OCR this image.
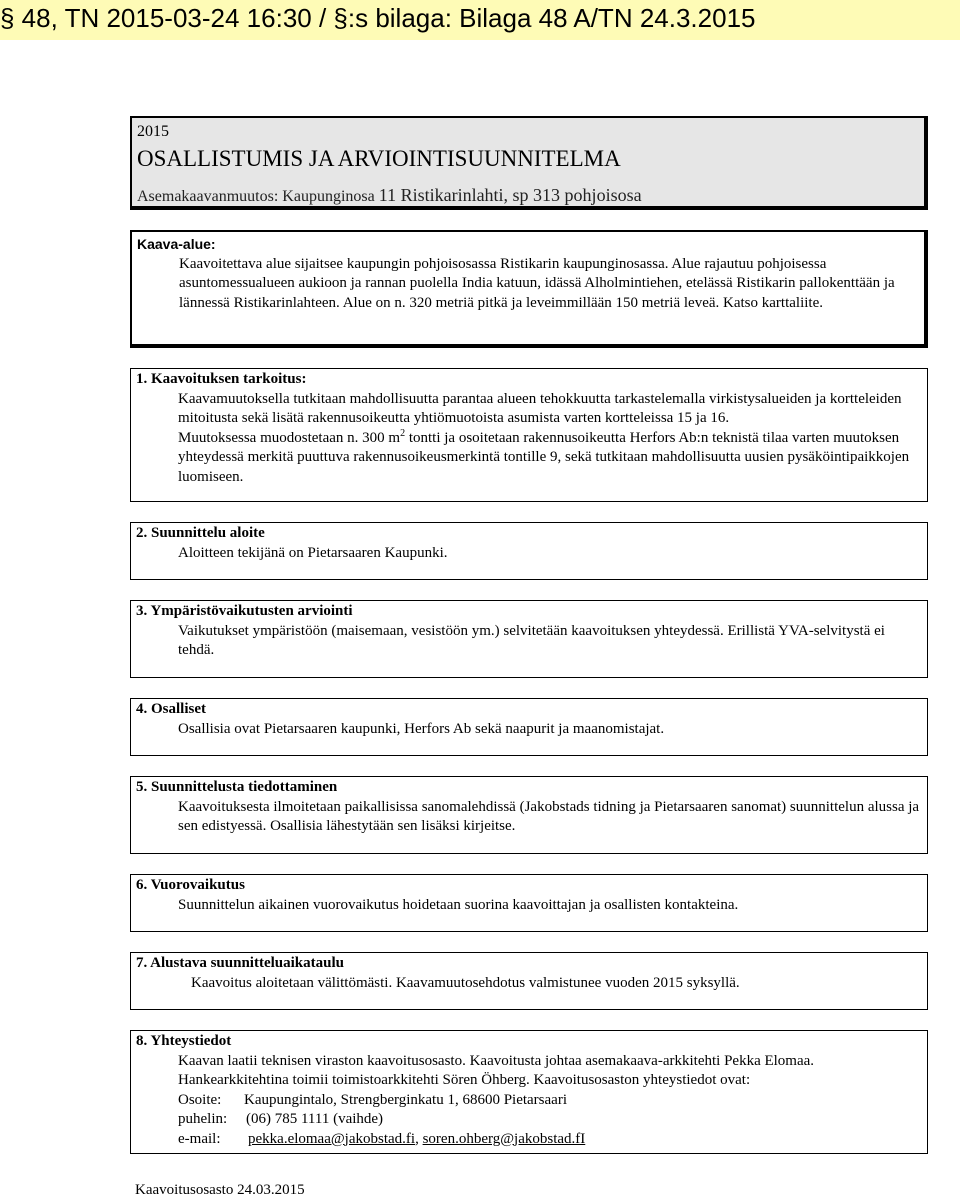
§ 48, TN 2015-03-24 16:30 / §:s bilaga: Bilaga 48 A/TN 24.3.2015
2015
OSALLISTUMIS JA ARVIOINTISUUNNITELMA
Asemakaavanmuutos: Kaupunginosa 11 Ristikarinlahti, sp 313 pohjoisosa
Kaava-alue:
Kaavoitettava alue sijaitsee kaupungin pohjoisosassa Ristikarin kaupunginosassa. Alue rajautuu pohjoisessa asuntomessualueen aukioon ja rannan puolella India katuun, idässä Alholmintiehen, etelässä Ristikarin pallokenttään ja lännessä Ristikarinlahteen. Alue on n. 320 metriä pitkä ja leveimmillään 150 metriä leveä. Katso karttaliite.
1. Kaavoituksen tarkoitus:
Kaavamuutoksella tutkitaan mahdollisuutta parantaa alueen tehokkuutta tarkastelemalla virkistysalueiden ja kortteleiden mitoitusta sekä lisätä rakennusoikeutta yhtiömuotoista asumista varten kortteleissa 15 ja 16.
Muutoksessa muodostetaan n. 300 $m^2$ tontti ja osoitetaan rakennusoikeutta Herfors Ab:n teknistä tilaa varten muutoksen yhteydessä merkitä puuttuva rakennusoikeusmerkintä tontille 9, sekä tutkitaan mahdollisuutta uusien pysäköintipaikkojen luomiseen.
2. Suunnittelu aloite
Aloitteen tekijänä on Pietarsaaren Kaupunki.
3. Ympäristövaikutusten arviointi
Vaikutukset ympäristöön (maisemaan, vesistöön ym.) selvitetään kaavoituksen yhteydessä. Erillistä YVA-selvitystä ei tehdä.
4. Osalliset
Osallisia ovat Pietarsaaren kaupunki, Herfors Ab sekä naapurit ja maanomistajat.
5. Suunnittelusta tiedottaminen
Kaavoituksesta ilmoitetaan paikallisissa sanomalehdissä (Jakobstads tidning ja Pietarsaaren sanomat) suunnittelun alussa ja sen edistyessä. Osallisia lähestytään sen lisäksi kirjeitse.
6. Vuorovaikutus
Suunnittelun aikainen vuorovaikutus hoidetaan suorina kaavoittajan ja osallisten kontakteina.
7. Alustava suunnitteluaikataulu
Kaavoitus aloitetaan välittömästi. Kaavamuutosehdotus valmistunee vuoden 2015 syksyllä.
8. Yhteystiedot
Kaavan laatii teknisen viraston kaavoitusosasto. Kaavoitusta johtaa asemakaava-arkkitehti Pekka Elomaa.
Hankearkkitehtina toimii toimistoarkkitehti Sören Öhberg. Kaavoitusosaston yhteystiedot ovat:
Osoite:	Kaupungintalo, Strengberginkatu 1, 68600 Pietarsaari
puhelin:	(06) 785 1111 (vaihde)
e-mail:	pekka.elomaa@jakobstad.fi, soren.ohberg@jakobstad.fI
Kaavoitusosasto 24.03.2015
